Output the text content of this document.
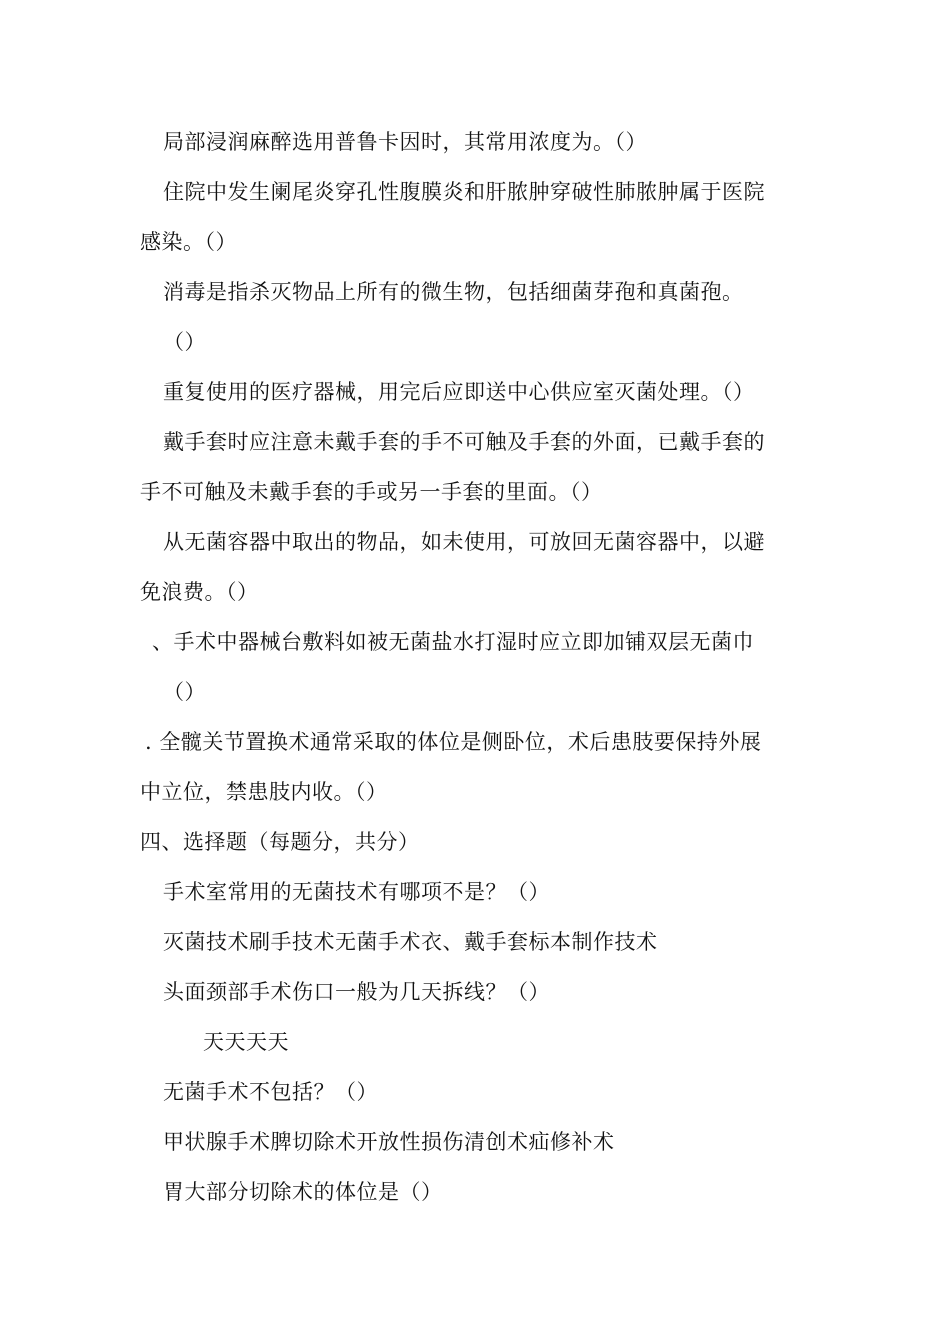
局部浸润麻醉选用普鲁卡因时，其常用浓度为。（）
住院中发生阑尾炎穿孔性腹膜炎和肝脓肿穿破性肺脓肿属于医院
感染。（）
消毒是指杀灭物品上所有的微生物，包括细菌芽孢和真菌孢。
（）
重复使用的医疗器械，用完后应即送中心供应室灭菌处理。（）
戴手套时应注意未戴手套的手不可触及手套的外面，已戴手套的
手不可触及未戴手套的手或另一手套的里面。（）
从无菌容器中取出的物品，如未使用，可放回无菌容器中，以避
免浪费。（）
、手术中器械台敷料如被无菌盐水打湿时应立即加铺双层无菌巾
（）
. 全髋关节置换术通常采取的体位是侧卧位，术后患肢要保持外展
中立位，禁患肢内收。（）
四、选择题（每题分，共分）
手术室常用的无菌技术有哪项不是？（）
灭菌技术刷手技术无菌手术衣、戴手套标本制作技术
头面颈部手术伤口一般为几天拆线？（）
天天天天
无菌手术不包括？（）
甲状腺手术脾切除术开放性损伤清创术疝修补术
胃大部分切除术的体位是（）
